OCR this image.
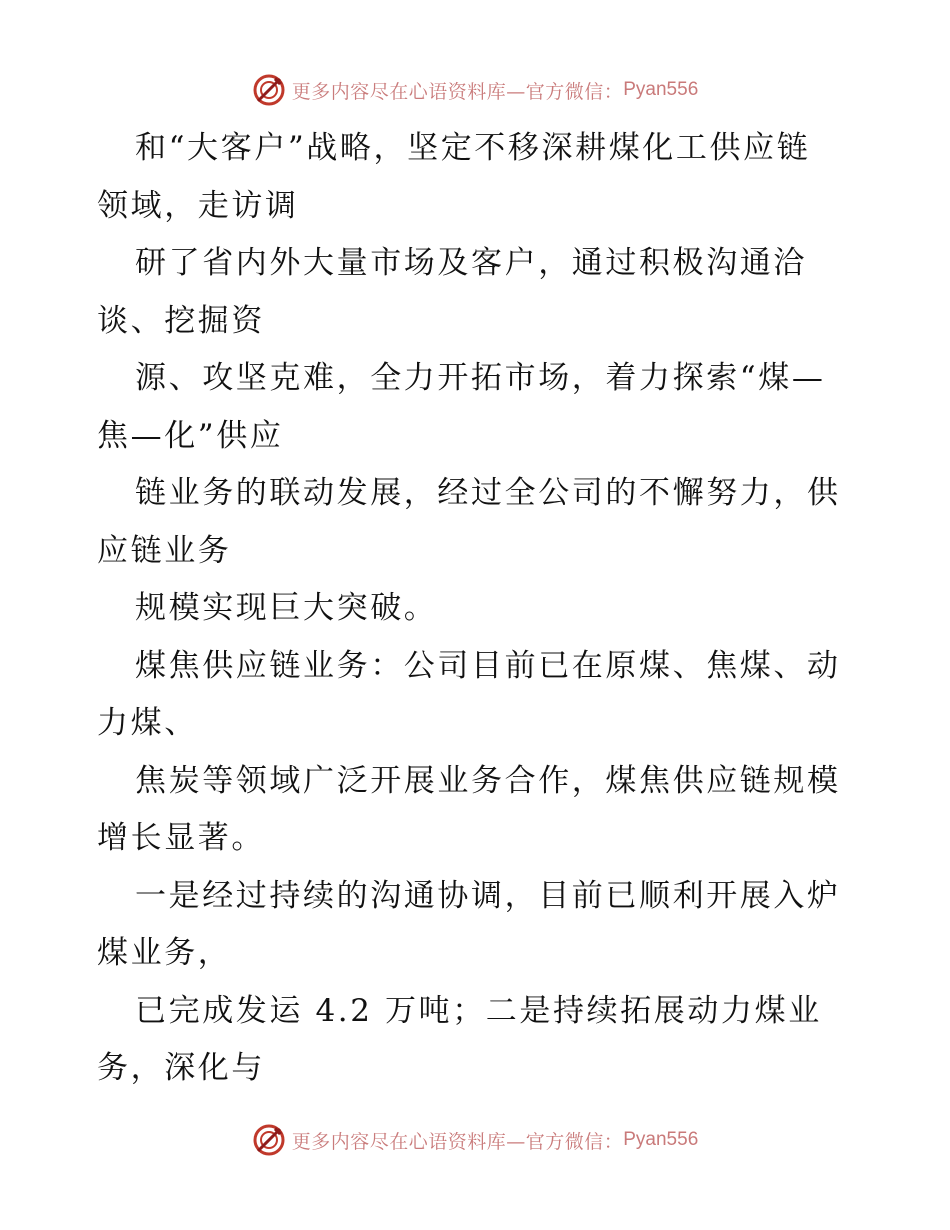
更多内容尽在心语资料库—官方微信： Pyan556
和“大客户”战略，坚定不移深耕煤化工供应链
领域，走访调
研了省内外大量市场及客户，通过积极沟通洽
谈、挖掘资
源、攻坚克难，全力开拓市场，着力探索“煤—
焦—化”供应
链业务的联动发展，经过全公司的不懈努力，供
应链业务
规模实现巨大突破。
煤焦供应链业务：公司目前已在原煤、焦煤、动
力煤、
焦炭等领域广泛开展业务合作，煤焦供应链规模
增长显著。
一是经过持续的沟通协调，目前已顺利开展入炉
煤业务，
已完成发运 4.2 万吨；二是持续拓展动力煤业
务，深化与
更多内容尽在心语资料库—官方微信： Pyan556
